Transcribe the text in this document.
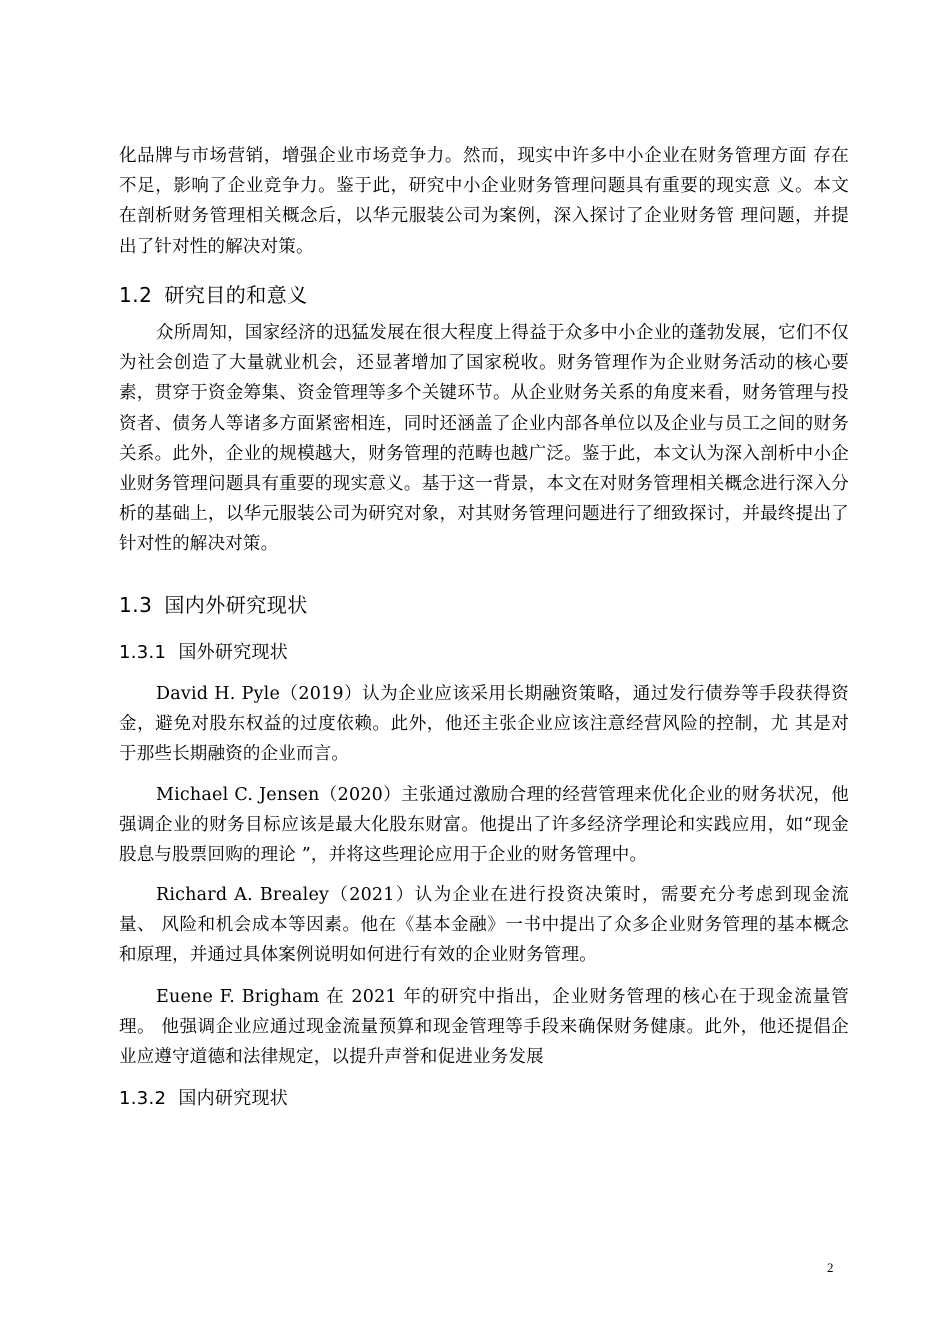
化品牌与市场营销，增强企业市场竞争力。然而，现实中许多中小企业在财务管理方面 存在不足，影响了企业竞争力。鉴于此，研究中小企业财务管理问题具有重要的现实意 义。本文在剖析财务管理相关概念后，以华元服装公司为案例，深入探讨了企业财务管 理问题，并提出了针对性的解决对策。

1.2 研究目的和意义

众所周知，国家经济的迅猛发展在很大程度上得益于众多中小企业的蓬勃发展，它们不仅为社会创造了大量就业机会，还显著增加了国家税收。财务管理作为企业财务活动的核心要素，贯穿于资金筹集、资金管理等多个关键环节。从企业财务关系的角度来看，财务管理与投资者、债务人等诸多方面紧密相连，同时还涵盖了企业内部各单位以及企业与员工之间的财务关系。此外，企业的规模越大，财务管理的范畴也越广泛。鉴于此，本文认为深入剖析中小企业财务管理问题具有重要的现实意义。基于这一背景，本文在对财务管理相关概念进行深入分析的基础上，以华元服装公司为研究对象，对其财务管理问题进行了细致探讨，并最终提出了针对性的解决对策。

1.3 国内外研究现状
1.3.1 国外研究现状

David H. Pyle（2019）认为企业应该采用长期融资策略，通过发行债券等手段获得资金，避免对股东权益的过度依赖。此外，他还主张企业应该注意经营风险的控制，尤 其是对于那些长期融资的企业而言。

Michael C. Jensen（2020）主张通过激励合理的经营管理来优化企业的财务状况，他强调企业的财务目标应该是最大化股东财富。他提出了许多经济学理论和实践应用，如“现金股息与股票回购的理论 ”，并将这些理论应用于企业的财务管理中。

Richard A. Brealey（2021）认为企业在进行投资决策时，需要充分考虑到现金流量、 风险和机会成本等因素。他在《基本金融》一书中提出了众多企业财务管理的基本概念 和原理，并通过具体案例说明如何进行有效的企业财务管理。

Euene F. Brigham 在 2021 年的研究中指出，企业财务管理的核心在于现金流量管理。 他强调企业应通过现金流量预算和现金管理等手段来确保财务健康。此外，他还提倡企 业应遵守道德和法律规定，以提升声誉和促进业务发展

1.3.2 国内研究现状
2
